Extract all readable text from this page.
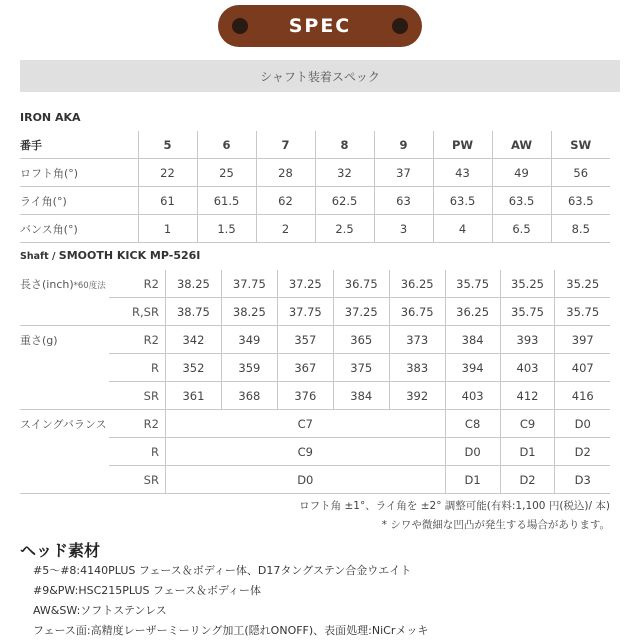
SPEC
シャフト装着スペック
IRON AKA
番手	5	6	7	8	9	PW	AW	SW
ロフト角(°)	22	25	28	32	37	43	49	56
ライ角(°)	61	61.5	62	62.5	63	63.5	63.5	63.5
バンス角(°)	1	1.5	2	2.5	3	4	6.5	8.5
Shaft / SMOOTH KICK MP-526I
長さ(inch)*60度法	R2	38.25	37.75	37.25	36.75	36.25	35.75	35.25	35.25
	R,SR	38.75	38.25	37.75	37.25	36.75	36.25	35.75	35.75
重さ(g)	R2	342	349	357	365	373	384	393	397
	R	352	359	367	375	383	394	403	407
	SR	361	368	376	384	392	403	412	416
スイングバランス	R2	C7					C8	C9	D0
	R	C9					D0	D1	D2
	SR	D0					D1	D2	D3
ロフト角 ±1°、ライ角を ±2° 調整可能(有料:1,100 円(税込)/ 本)
* シワや微細な凹凸が発生する場合があります。
ヘッド素材
#5〜#8:4140PLUS フェース＆ボディー体、D17タングステン合金ウエイト
#9&PW:HSC215PLUS フェース＆ボディー体
AW&SW:ソフトステンレス
フェース面:高精度レーザーミーリング加工(隠れONOFF)、表面処理:NiCrメッキ
